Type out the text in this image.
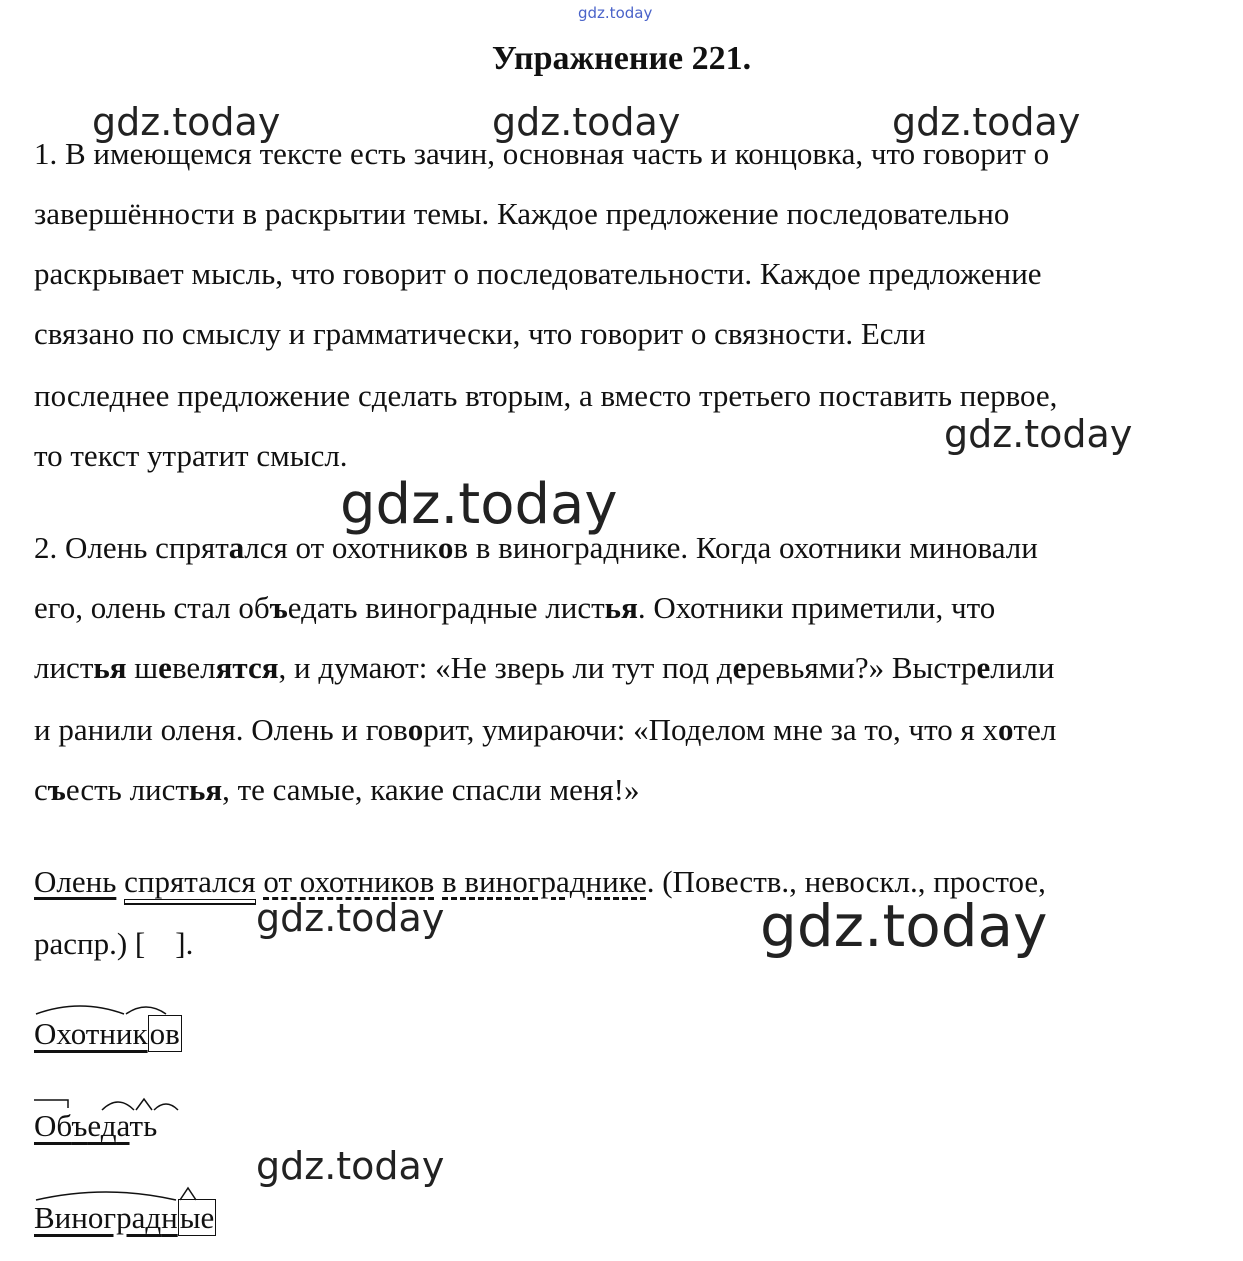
gdz.today
Упражнение 221.
gdz.today	gdz.today	gdz.today
gdz.today
gdz.today
gdz.today	gdz.today
gdz.today
1. В имеющемся тексте есть зачин, основная часть и концовка, что говорит о
завершённости в раскрытии темы. Каждое предложение последовательно
раскрывает мысль, что говорит о последовательности. Каждое предложение
связано по смыслу и грамматически, что говорит о связности. Если
последнее предложение сделать вторым, а вместо третьего поставить первое,
то текст утратит смысл.
2. Олень спрятался от охотников в винограднике. Когда охотники миновали
его, олень стал объедать виноградные листья. Охотники приметили, что
листья шевелятся, и думают: «Не зверь ли тут под деревьями?» Выстрелили
и ранили оленя. Олень и говорит, умираючи: «Поделом мне за то, что я хотел
съесть листья, те самые, какие спасли меня!»
Олень спрятался от охотников в винограднике. (Повеств., невоскл., простое,
распр.) [ ].
Охотников
Объедать
Виноградные
